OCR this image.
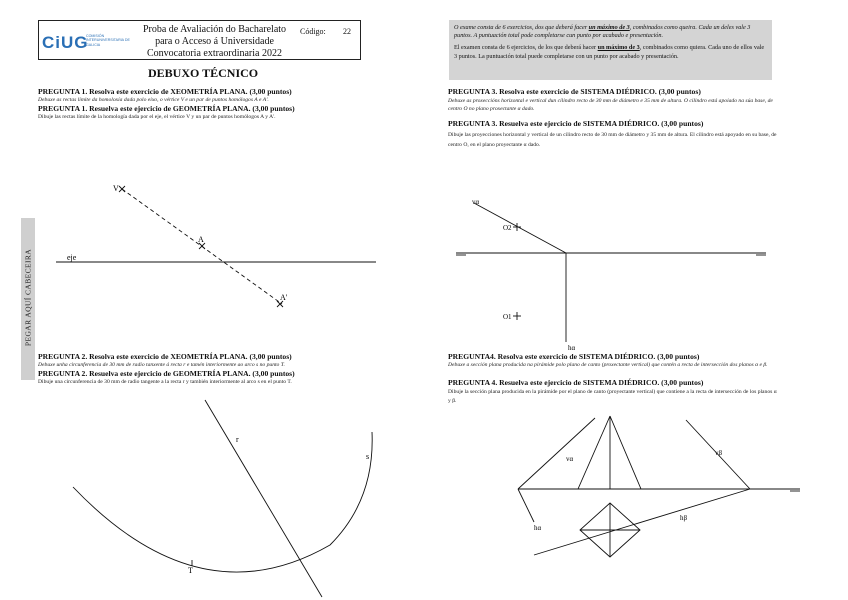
CiUG
COMISIÓN INTERUNIVERSITARIA DE GALICIA
Proba de Avaliación do Bacharelato
para o Acceso á Universidade
Convocatoria extraordinaria 2022
Código: 22
DEBUXO TÉCNICO
PEGAR AQUÍ CABECEIRA

O exame consta de 6 exercicios, dos que deberá facer un máximo de 3, combinados como queira. Cada un deles vale 3 puntos. A puntuación total pode completarse cun punto por acabado e presentación.

El examen consta de 6 ejercicios, de los que deberá hacer un máximo de 3, combinados como quiera. Cada uno de ellos vale 3 puntos. La puntuación total puede completarse con un punto por acabado y presentación.

PREGUNTA 1. Resolva este exercicio de XEOMETRÍA PLANA. (3,00 puntos)
Debuxe as rectas límite da homoloxía dada polo eixo, o vértice V e un par de puntos homólogos A e A'.
PREGUNTA 1. Resuelva este ejercicio de GEOMETRÍA PLANA. (3,00 puntos)
Dibuje las rectas límite de la homología dada por el eje, el vértice V y un par de puntos homólogos A y A'.
PREGUNTA 2. Resolva este exercicio de XEOMETRÍA PLANA. (3,00 puntos)
Debuxe unha circunferencia de 30 mm de radio tanxente á recta r e tamén interiormente ao arco s no punto T.
PREGUNTA 2. Resuelva este ejercicio de GEOMETRÍA PLANA. (3,00 puntos)
Dibuje una circunferencia de 30 mm de radio tangente a la recta r y también interiormente al arco s en el punto T.
PREGUNTA 3. Resolva este exercicio de SISTEMA DIÉDRICO. (3,00 puntos)
Debuxe as proxeccións horizontal e vertical dun cilindro recto de 30 mm de diámetro e 35 mm de altura. O cilindro está apoiado na súa base, de centro O no plano proxectante α dado.
PREGUNTA 3. Resuelva este ejercicio de SISTEMA DIÉDRICO. (3,00 puntos)
Dibuje las proyecciones horizontal y vertical de un cilindro recto de 30 mm de diámetro y 35 mm de altura. El cilindro está apoyado en su base, de centro O, en el plano proyectante α dado.
PREGUNTA4. Resolva este exercicio de SISTEMA DIÉDRICO. (3,00 puntos)
Debuxe a sección plana producida na pirámide polo plano de canto (proxectante vertical) que contén a recta de intersección dos planos α e β.
PREGUNTA 4. Resuelva este ejercicio de SISTEMA DIÉDRICO. (3,00 puntos)
Dibuje la sección plana producida en la pirámide por el plano de canto (proyectante vertical) que contiene a la recta de intersección de los planos α y β.
V
A
A'
eje
r
s
T
vα
O2
O1
hα
vα
vβ
hα
hβ
